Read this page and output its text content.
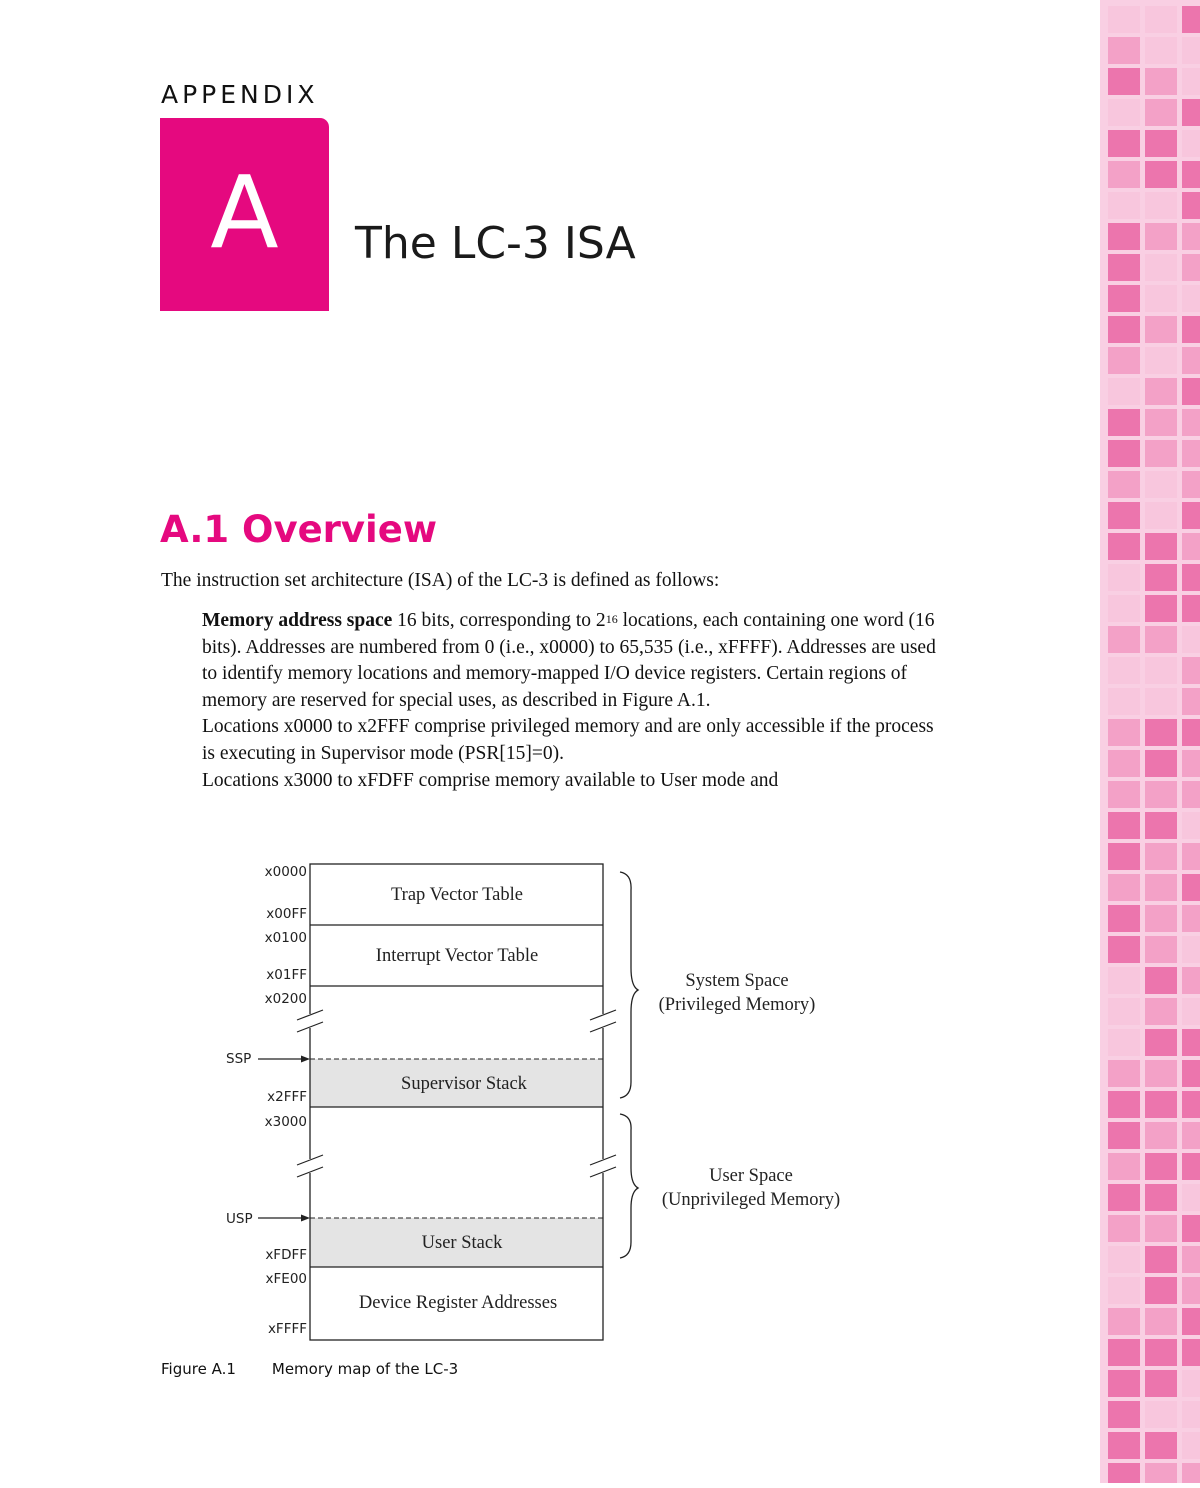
APPENDIX
A	The LC-3 ISA
A.1 Overview

The instruction set architecture (ISA) of the LC-3 is defined as follows:

Memory address space 16 bits, corresponding to $2^{16}$ locations, each containing one word (16 bits). Addresses are numbered from 0 (i.e., x0000) to 65,535 (i.e., xFFFF). Addresses are used to identify memory locations and memory-mapped I/O device registers. Certain regions of memory are reserved for special uses, as described in Figure A.1.

Locations x0000 to x2FFF comprise privileged memory and are only accessible if the process is executing in Supervisor mode (PSR[15]=0).

Locations x3000 to xFDFF comprise memory available to User mode and

x0000
x00FF
x0100
x01FF
x0200
x2FFF
x3000
xFDFF
xFE00
xFFFF
SSP
USP
Trap Vector Table
Interrupt Vector Table
Supervisor Stack
User Stack
Device Register Addresses
System Space
(Privileged Memory)
User Space
(Unprivileged Memory)
Figure A.1 Memory map of the LC-3
